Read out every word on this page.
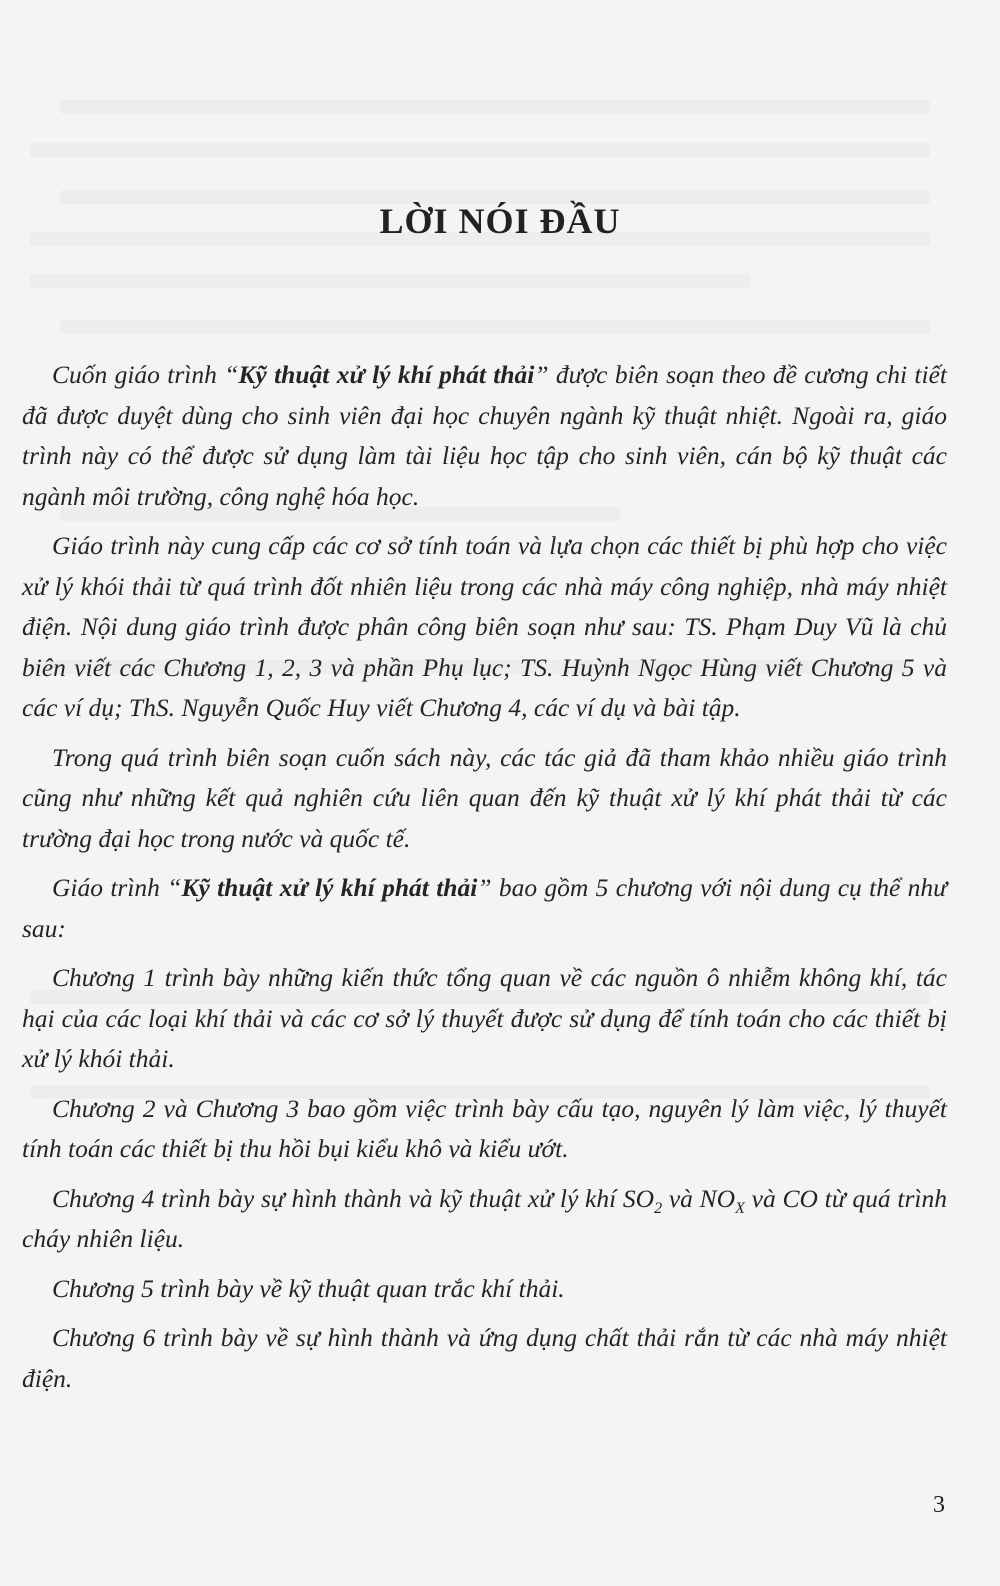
LỜI NÓI ĐẦU

Cuốn giáo trình “Kỹ thuật xử lý khí phát thải” được biên soạn theo đề cương chi tiết đã được duyệt dùng cho sinh viên đại học chuyên ngành kỹ thuật nhiệt. Ngoài ra, giáo trình này có thể được sử dụng làm tài liệu học tập cho sinh viên, cán bộ kỹ thuật các ngành môi trường, công nghệ hóa học.

Giáo trình này cung cấp các cơ sở tính toán và lựa chọn các thiết bị phù hợp cho việc xử lý khói thải từ quá trình đốt nhiên liệu trong các nhà máy công nghiệp, nhà máy nhiệt điện. Nội dung giáo trình được phân công biên soạn như sau: TS. Phạm Duy Vũ là chủ biên viết các Chương 1, 2, 3 và phần Phụ lục; TS. Huỳnh Ngọc Hùng viết Chương 5 và các ví dụ; ThS. Nguyễn Quốc Huy viết Chương 4, các ví dụ và bài tập.

Trong quá trình biên soạn cuốn sách này, các tác giả đã tham khảo nhiều giáo trình cũng như những kết quả nghiên cứu liên quan đến kỹ thuật xử lý khí phát thải từ các trường đại học trong nước và quốc tế.

Giáo trình “Kỹ thuật xử lý khí phát thải” bao gồm 5 chương với nội dung cụ thể như sau:

Chương 1 trình bày những kiến thức tổng quan về các nguồn ô nhiễm không khí, tác hại của các loại khí thải và các cơ sở lý thuyết được sử dụng để tính toán cho các thiết bị xử lý khói thải.

Chương 2 và Chương 3 bao gồm việc trình bày cấu tạo, nguyên lý làm việc, lý thuyết tính toán các thiết bị thu hồi bụi kiểu khô và kiểu ướt.

Chương 4 trình bày sự hình thành và kỹ thuật xử lý khí $SO_2$ và $NO_X$ và CO từ quá trình cháy nhiên liệu.

Chương 5 trình bày về kỹ thuật quan trắc khí thải.

Chương 6 trình bày về sự hình thành và ứng dụng chất thải rắn từ các nhà máy nhiệt điện.

3
